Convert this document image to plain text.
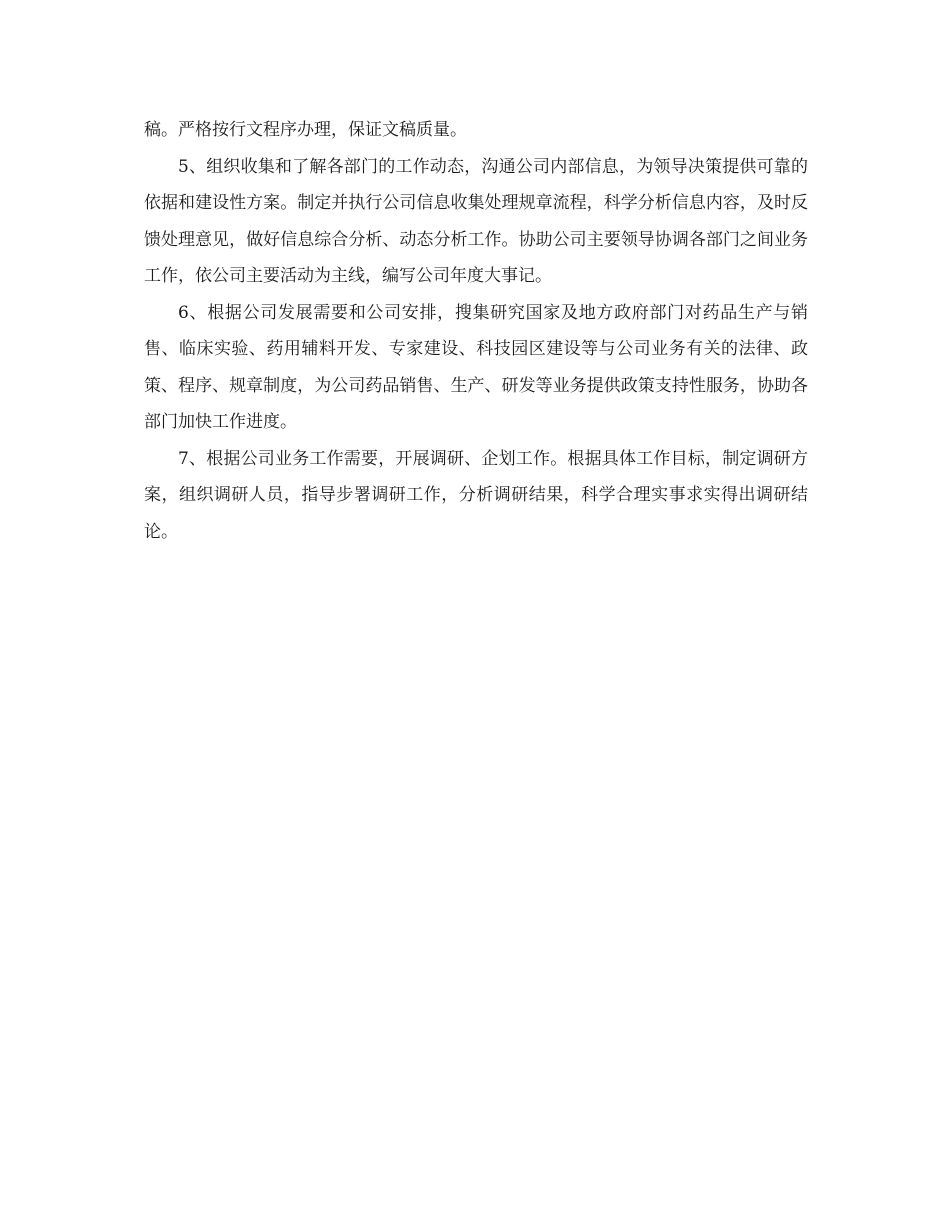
稿。严格按行文程序办理，保证文稿质量。

5、组织收集和了解各部门的工作动态，沟通公司内部信息，为领导决策提供可靠的依据和建设性方案。制定并执行公司信息收集处理规章流程，科学分析信息内容，及时反馈处理意见，做好信息综合分析、动态分析工作。协助公司主要领导协调各部门之间业务工作，依公司主要活动为主线，编写公司年度大事记。

6、根据公司发展需要和公司安排，搜集研究国家及地方政府部门对药品生产与销售、临床实验、药用辅料开发、专家建设、科技园区建设等与公司业务有关的法律、政策、程序、规章制度，为公司药品销售、生产、研发等业务提供政策支持性服务，协助各部门加快工作进度。

7、根据公司业务工作需要，开展调研、企划工作。根据具体工作目标，制定调研方案，组织调研人员，指导步署调研工作，分析调研结果，科学合理实事求实得出调研结论。
